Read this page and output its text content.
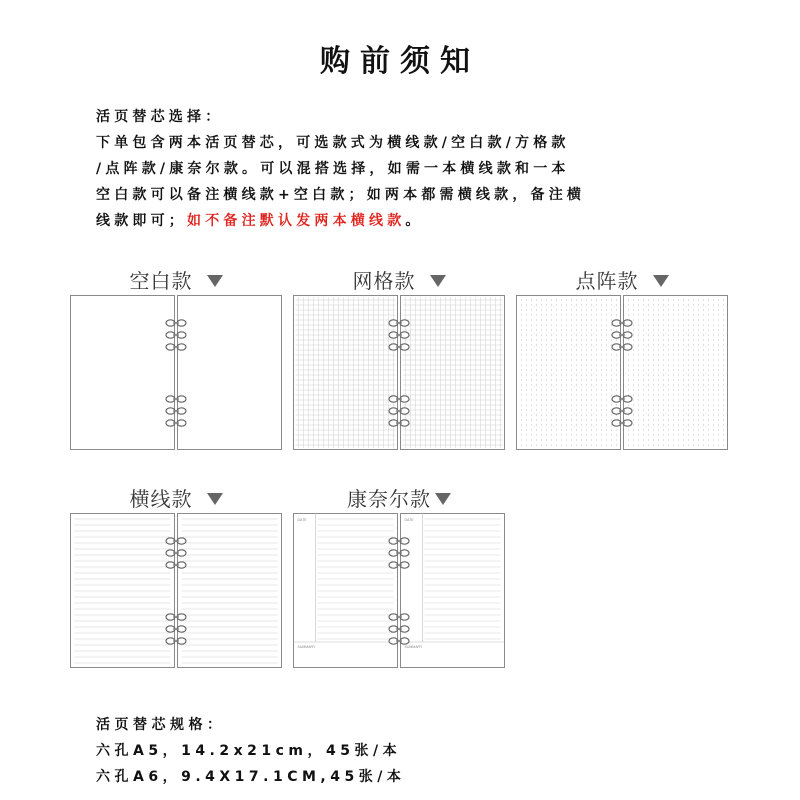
购前须知

活页替芯选择：

下单包含两本活页替芯，可选款式为横线款/空白款/方格款

/点阵款/康奈尔款。可以混搭选择，如需一本横线款和一本

空白款可以备注横线款+空白款；如两本都需横线款，备注横

线款即可；如不备注默认发两本横线款。

空白款	网格款	点阵款
横线款	康奈尔款
DATE
SUMMARY
DATE
SUMMARY

活页替芯规格：

六孔A5，14.2x21cm，45张/本

六孔A6，9.4X17.1CM,45张/本
